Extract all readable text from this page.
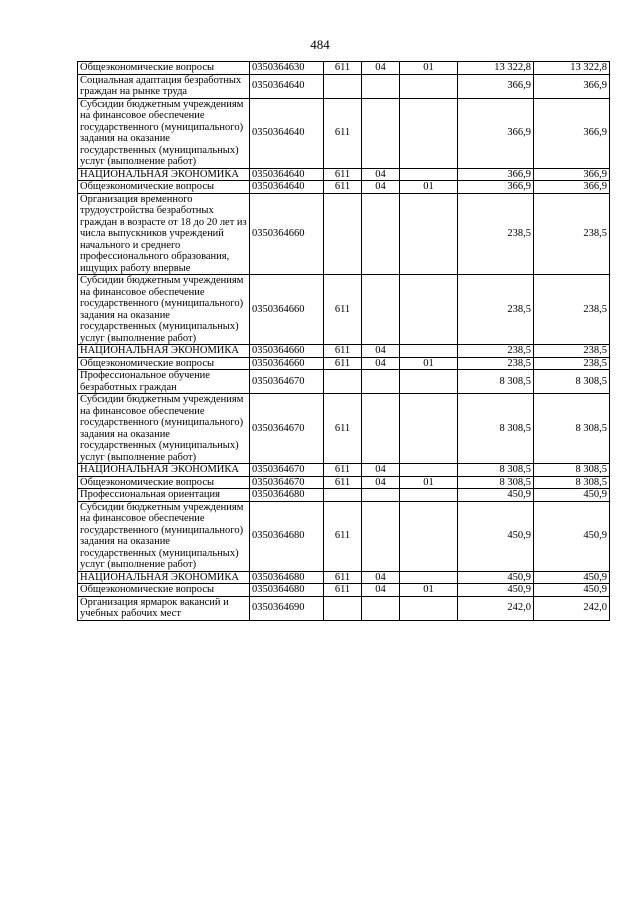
484
Общеэкономические вопросы	0350364630	611	04	01	13 322,8	13 322,8
Социальная адаптация безработных граждан на рынке труда	0350364640				366,9	366,9
Субсидии бюджетным учреждениям на финансовое обеспечение государственного (муниципального) задания на оказание государственных (муниципальных) услуг (выполнение работ)	0350364640	611			366,9	366,9
НАЦИОНАЛЬНАЯ ЭКОНОМИКА	0350364640	611	04		366,9	366,9
Общеэкономические вопросы	0350364640	611	04	01	366,9	366,9
Организация временного трудоустройства безработных граждан в возрасте от 18 до 20 лет из числа выпускников учреждений начального и среднего профессионального образования, ищущих работу впервые	0350364660				238,5	238,5
Субсидии бюджетным учреждениям на финансовое обеспечение государственного (муниципального) задания на оказание государственных (муниципальных) услуг (выполнение работ)	0350364660	611			238,5	238,5
НАЦИОНАЛЬНАЯ ЭКОНОМИКА	0350364660	611	04		238,5	238,5
Общеэкономические вопросы	0350364660	611	04	01	238,5	238,5
Профессиональное обучение безработных граждан	0350364670				8 308,5	8 308,5
Субсидии бюджетным учреждениям на финансовое обеспечение государственного (муниципального) задания на оказание государственных (муниципальных) услуг (выполнение работ)	0350364670	611			8 308,5	8 308,5
НАЦИОНАЛЬНАЯ ЭКОНОМИКА	0350364670	611	04		8 308,5	8 308,5
Общеэкономические вопросы	0350364670	611	04	01	8 308,5	8 308,5
Профессиональная ориентация	0350364680				450,9	450,9
Субсидии бюджетным учреждениям на финансовое обеспечение государственного (муниципального) задания на оказание государственных (муниципальных) услуг (выполнение работ)	0350364680	611			450,9	450,9
НАЦИОНАЛЬНАЯ ЭКОНОМИКА	0350364680	611	04		450,9	450,9
Общеэкономические вопросы	0350364680	611	04	01	450,9	450,9
Организация ярмарок вакансий и учебных рабочих мест	0350364690				242,0	242,0
